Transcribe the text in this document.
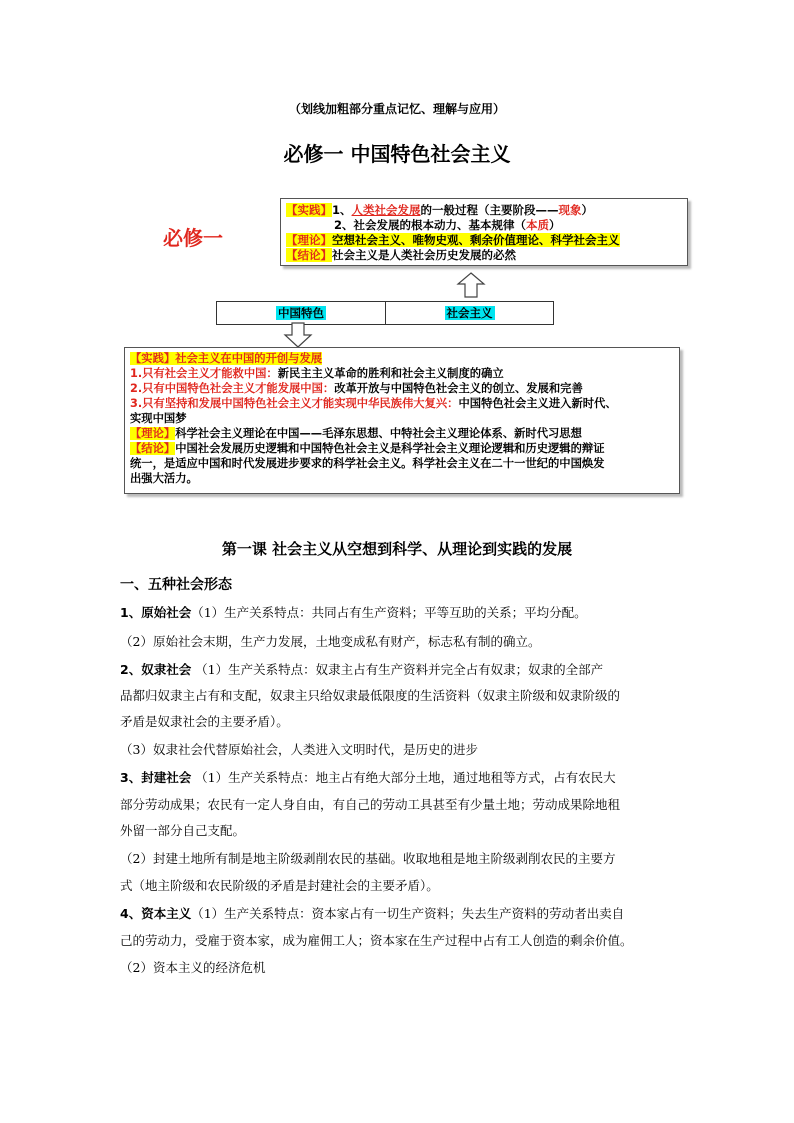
（划线加粗部分重点记忆、理解与应用）
必修一 中国特色社会主义
必修一
【实践】1、人类社会发展的一般过程（主要阶段——现象）
2、社会发展的根本动力、基本规律（本质）
【理论】空想社会主义、唯物史观、剩余价值理论、科学社会主义
【结论】社会主义是人类社会历史发展的必然
中国特色	社会主义
【实践】社会主义在中国的开创与发展
1.只有社会主义才能救中国：新民主主义革命的胜利和社会主义制度的确立
2.只有中国特色社会主义才能发展中国：改革开放与中国特色社会主义的创立、发展和完善
3.只有坚持和发展中国特色社会主义才能实现中华民族伟大复兴：中国特色社会主义进入新时代、
实现中国梦
【理论】科学社会主义理论在中国——毛泽东思想、中特社会主义理论体系、新时代习思想
【结论】中国社会发展历史逻辑和中国特色社会主义是科学社会主义理论逻辑和历史逻辑的辩证
统一，是适应中国和时代发展进步要求的科学社会主义。科学社会主义在二十一世纪的中国焕发
出强大活力。
第一课 社会主义从空想到科学、从理论到实践的发展
一、五种社会形态
1、原始社会（1）生产关系特点：共同占有生产资料；平等互助的关系；平均分配。
（2）原始社会末期，生产力发展，土地变成私有财产，标志私有制的确立。
2、奴隶社会 （1）生产关系特点：奴隶主占有生产资料并完全占有奴隶；奴隶的全部产
品都归奴隶主占有和支配，奴隶主只给奴隶最低限度的生活资料（奴隶主阶级和奴隶阶级的
矛盾是奴隶社会的主要矛盾）。
（3）奴隶社会代替原始社会，人类进入文明时代，是历史的进步
3、封建社会 （1）生产关系特点：地主占有绝大部分土地，通过地租等方式，占有农民大
部分劳动成果；农民有一定人身自由，有自己的劳动工具甚至有少量土地；劳动成果除地租
外留一部分自己支配。
（2）封建土地所有制是地主阶级剥削农民的基础。收取地租是地主阶级剥削农民的主要方
式（地主阶级和农民阶级的矛盾是封建社会的主要矛盾）。
4、资本主义（1）生产关系特点：资本家占有一切生产资料；失去生产资料的劳动者出卖自
己的劳动力，受雇于资本家，成为雇佣工人；资本家在生产过程中占有工人创造的剩余价值。
（2）资本主义的经济危机
